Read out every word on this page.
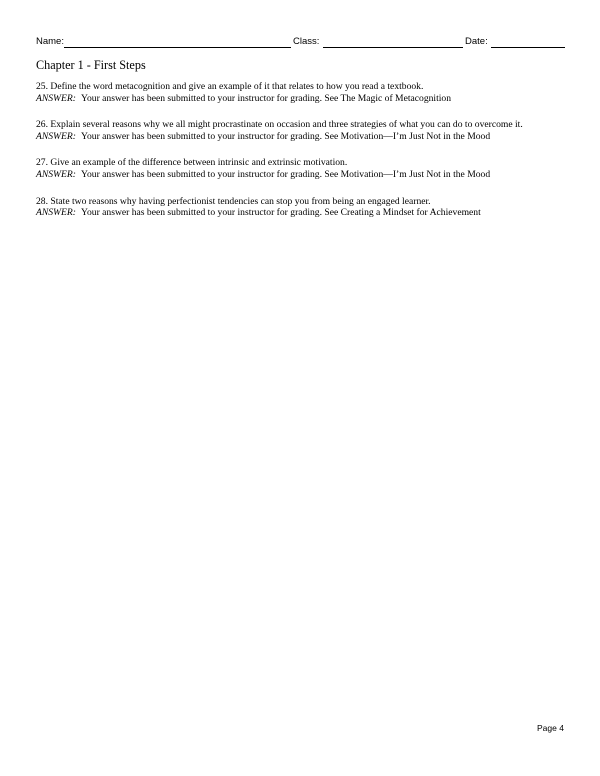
Name:	Class:	Date:
Chapter 1 - First Steps
25. Define the word metacognition and give an example of it that relates to how you read a textbook.
ANSWER: Your answer has been submitted to your instructor for grading. See The Magic of Metacognition
26. Explain several reasons why we all might procrastinate on occasion and three strategies of what you can do to overcome it.
ANSWER: Your answer has been submitted to your instructor for grading. See Motivation—I’m Just Not in the Mood
27. Give an example of the difference between intrinsic and extrinsic motivation.
ANSWER: Your answer has been submitted to your instructor for grading. See Motivation—I’m Just Not in the Mood
28. State two reasons why having perfectionist tendencies can stop you from being an engaged learner.
ANSWER: Your answer has been submitted to your instructor for grading. See Creating a Mindset for Achievement
Page 4
